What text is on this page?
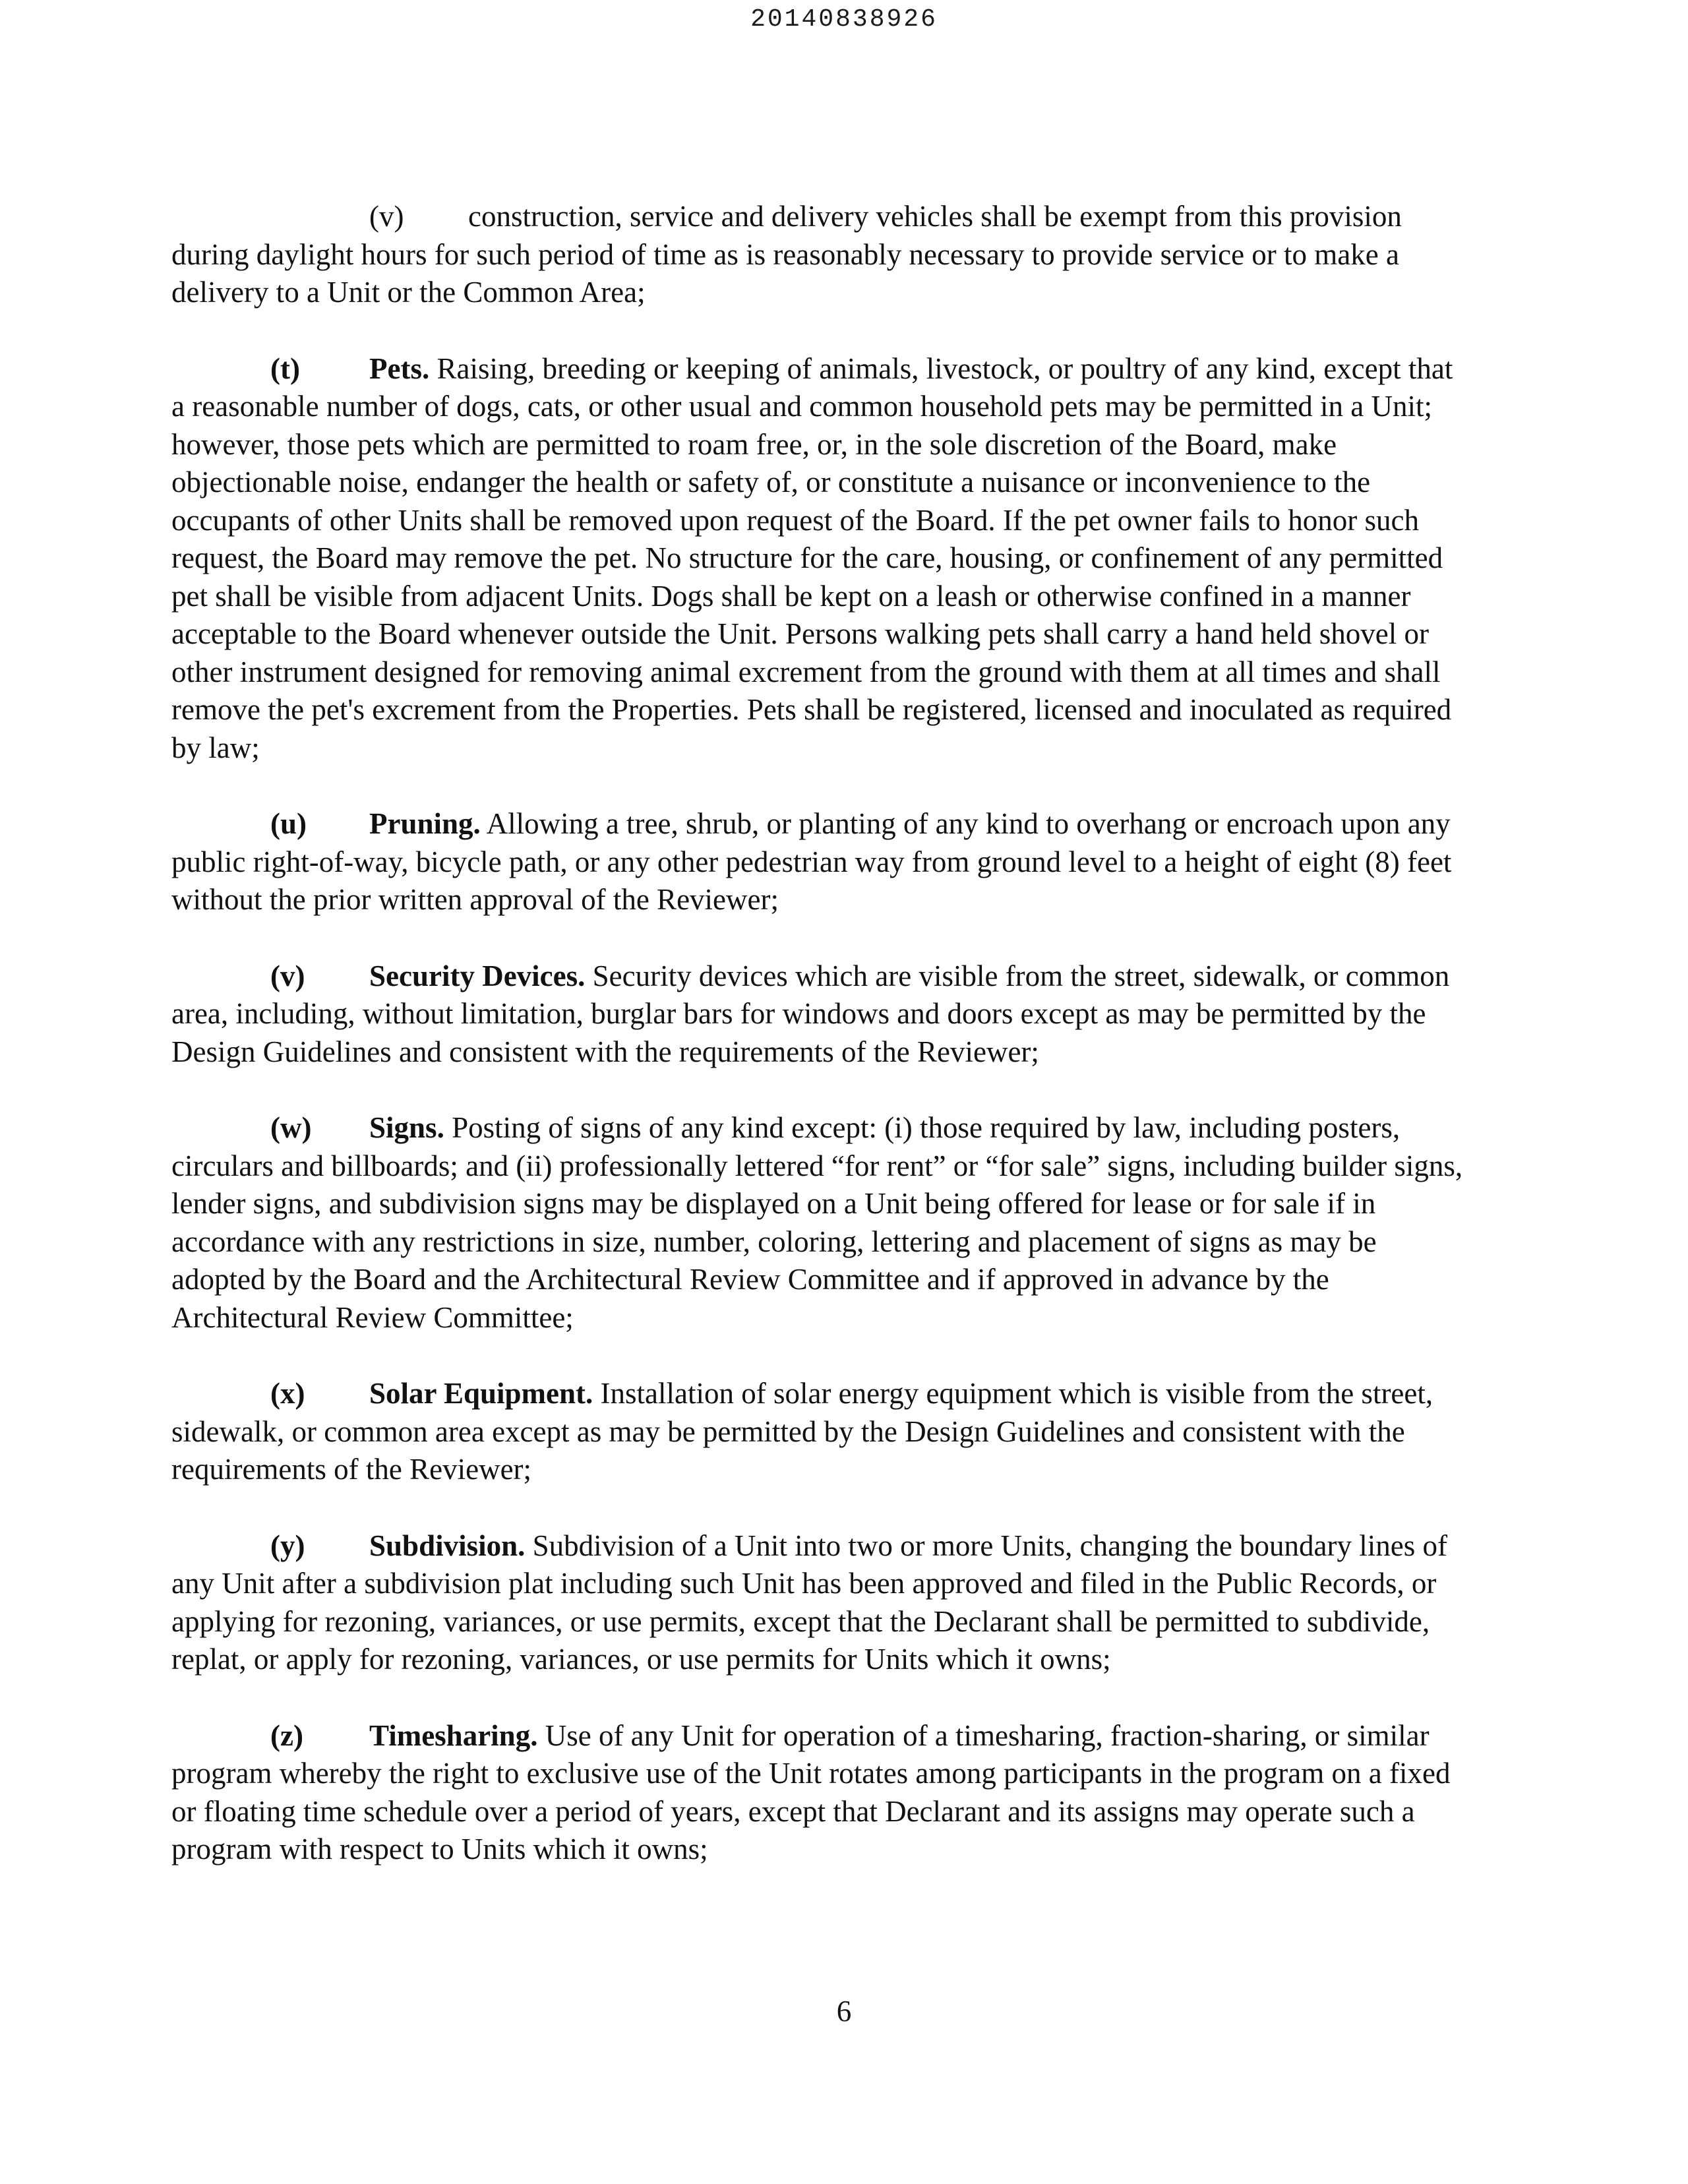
20140838926

(v) construction, service and delivery vehicles shall be exempt from this provision during daylight hours for such period of time as is reasonably necessary to provide service or to make a delivery to a Unit or the Common Area;

(t) Pets. Raising, breeding or keeping of animals, livestock, or poultry of any kind, except that a reasonable number of dogs, cats, or other usual and common household pets may be permitted in a Unit; however, those pets which are permitted to roam free, or, in the sole discretion of the Board, make objectionable noise, endanger the health or safety of, or constitute a nuisance or inconvenience to the occupants of other Units shall be removed upon request of the Board. If the pet owner fails to honor such request, the Board may remove the pet. No structure for the care, housing, or confinement of any permitted pet shall be visible from adjacent Units. Dogs shall be kept on a leash or otherwise confined in a manner acceptable to the Board whenever outside the Unit. Persons walking pets shall carry a hand held shovel or other instrument designed for removing animal excrement from the ground with them at all times and shall remove the pet's excrement from the Properties. Pets shall be registered, licensed and inoculated as required by law;

(u) Pruning. Allowing a tree, shrub, or planting of any kind to overhang or encroach upon any public right-of-way, bicycle path, or any other pedestrian way from ground level to a height of eight (8) feet without the prior written approval of the Reviewer;

(v) Security Devices. Security devices which are visible from the street, sidewalk, or common area, including, without limitation, burglar bars for windows and doors except as may be permitted by the Design Guidelines and consistent with the requirements of the Reviewer;

(w) Signs. Posting of signs of any kind except: (i) those required by law, including posters, circulars and billboards; and (ii) professionally lettered “for rent” or “for sale” signs, including builder signs, lender signs, and subdivision signs may be displayed on a Unit being offered for lease or for sale if in accordance with any restrictions in size, number, coloring, lettering and placement of signs as may be adopted by the Board and the Architectural Review Committee and if approved in advance by the Architectural Review Committee;

(x) Solar Equipment. Installation of solar energy equipment which is visible from the street, sidewalk, or common area except as may be permitted by the Design Guidelines and consistent with the requirements of the Reviewer;

(y) Subdivision. Subdivision of a Unit into two or more Units, changing the boundary lines of any Unit after a subdivision plat including such Unit has been approved and filed in the Public Records, or applying for rezoning, variances, or use permits, except that the Declarant shall be permitted to subdivide, replat, or apply for rezoning, variances, or use permits for Units which it owns;

(z) Timesharing. Use of any Unit for operation of a timesharing, fraction-sharing, or similar program whereby the right to exclusive use of the Unit rotates among participants in the program on a fixed or floating time schedule over a period of years, except that Declarant and its assigns may operate such a program with respect to Units which it owns;

6
